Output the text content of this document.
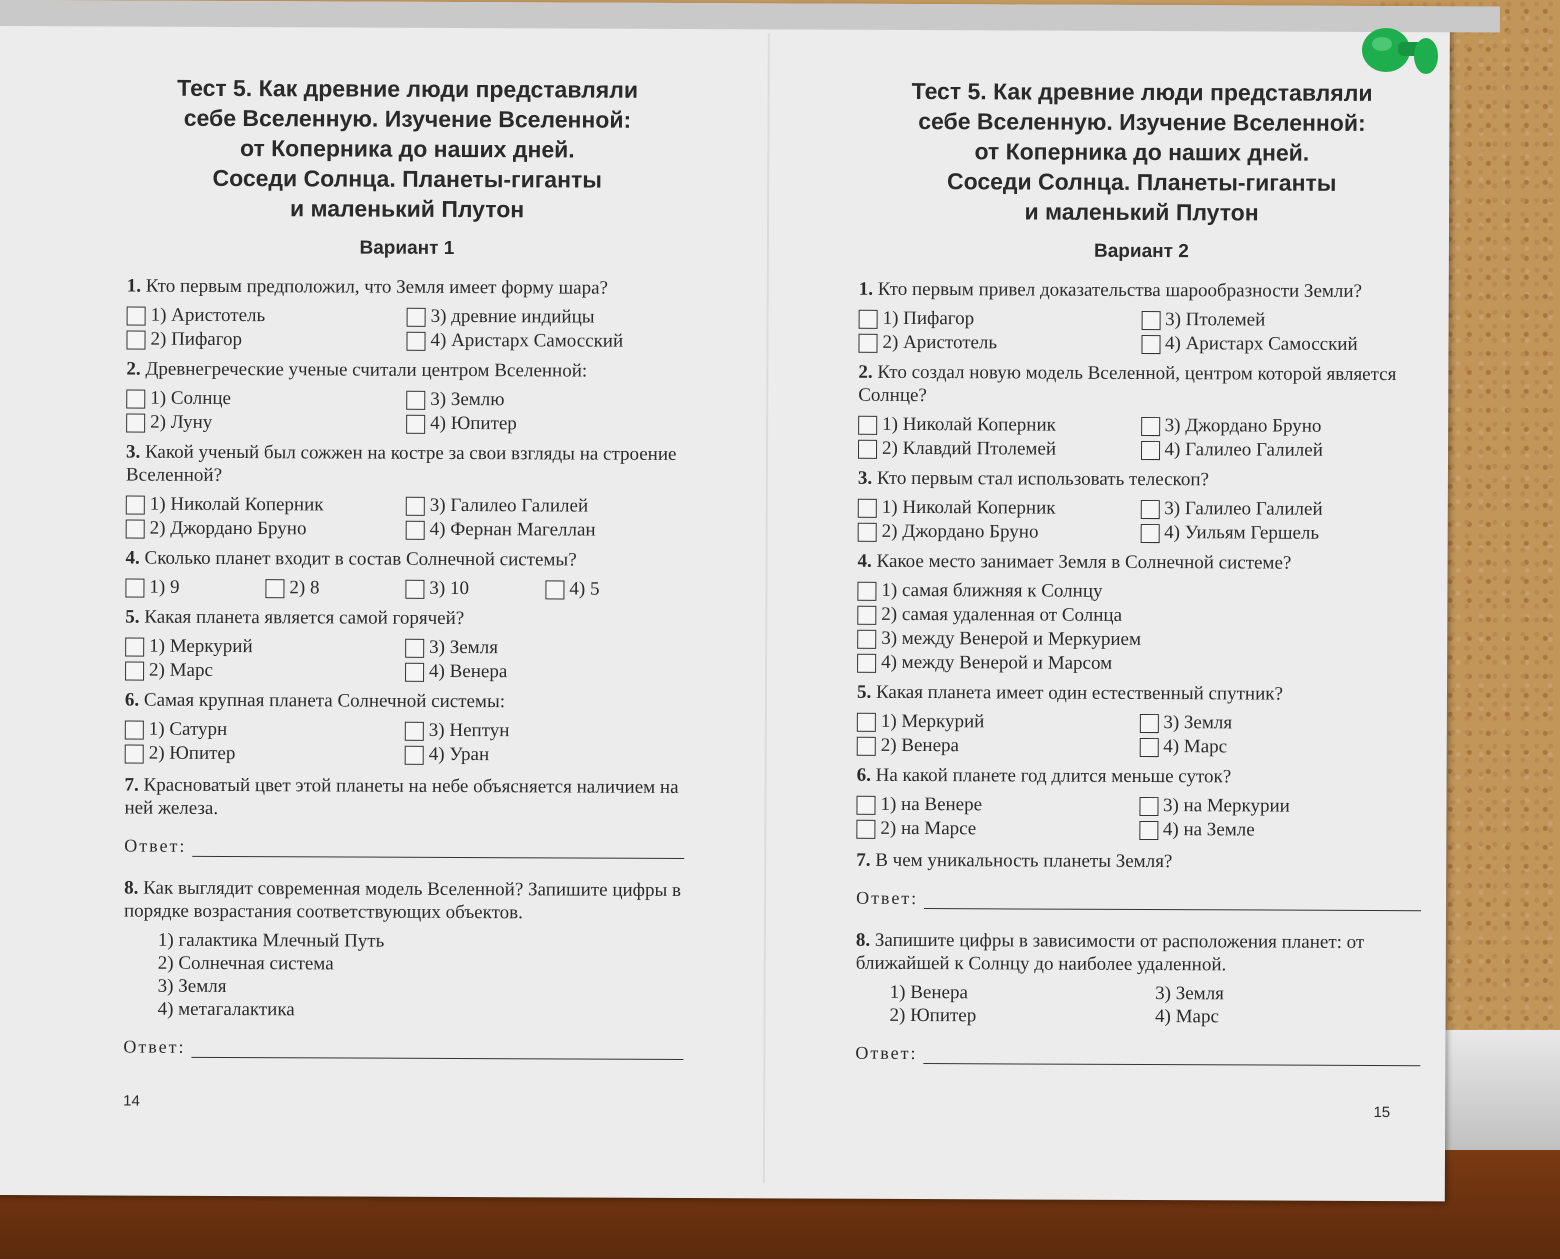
Тест 5. Как древние люди представляли
себе Вселенную. Изучение Вселенной:
от Коперника до наших дней.
Соседи Солнца. Планеты-гиганты
и маленький Плутон
Вариант 1
1. Кто первым предположил, что Земля имеет форму шара?
1) Аристотель	3) древние индийцы
2) Пифагор	4) Аристарх Самосский
2. Древнегреческие ученые считали центром Вселенной:
1) Солнце	3) Землю
2) Луну	4) Юпитер
3. Какой ученый был сожжен на костре за свои взгляды на строение Вселенной?
1) Николай Коперник	3) Галилео Галилей
2) Джордано Бруно	4) Фернан Магеллан
4. Сколько планет входит в состав Солнечной системы?
1) 9	2) 8	3) 10	4) 5
5. Какая планета является самой горячей?
1) Меркурий	3) Земля
2) Марс	4) Венера
6. Самая крупная планета Солнечной системы:
1) Сатурн	3) Нептун
2) Юпитер	4) Уран
7. Красноватый цвет этой планеты на небе объясняется наличием на ней железа.
Ответ:
8. Как выглядит современная модель Вселенной? Запишите цифры в порядке возрастания соответствующих объектов.
1) галактика Млечный Путь
2) Солнечная система
3) Земля
4) метагалактика
Ответ:
14
Тест 5. Как древние люди представляли
себе Вселенную. Изучение Вселенной:
от Коперника до наших дней.
Соседи Солнца. Планеты-гиганты
и маленький Плутон
Вариант 2
1. Кто первым привел доказательства шарообразности Земли?
1) Пифагор	3) Птолемей
2) Аристотель	4) Аристарх Самосский
2. Кто создал новую модель Вселенной, центром которой является Солнце?
1) Николай Коперник	3) Джордано Бруно
2) Клавдий Птолемей	4) Галилео Галилей
3. Кто первым стал использовать телескоп?
1) Николай Коперник	3) Галилео Галилей
2) Джордано Бруно	4) Уильям Гершель
4. Какое место занимает Земля в Солнечной системе?
1) самая ближняя к Солнцу
2) самая удаленная от Солнца
3) между Венерой и Меркурием
4) между Венерой и Марсом
5. Какая планета имеет один естественный спутник?
1) Меркурий	3) Земля
2) Венера	4) Марс
6. На какой планете год длится меньше суток?
1) на Венере	3) на Меркурии
2) на Марсе	4) на Земле
7. В чем уникальность планеты Земля?
Ответ:
8. Запишите цифры в зависимости от расположения планет: от ближайшей к Солнцу до наиболее удаленной.
1) Венера	3) Земля
2) Юпитер	4) Марс
Ответ:
15
